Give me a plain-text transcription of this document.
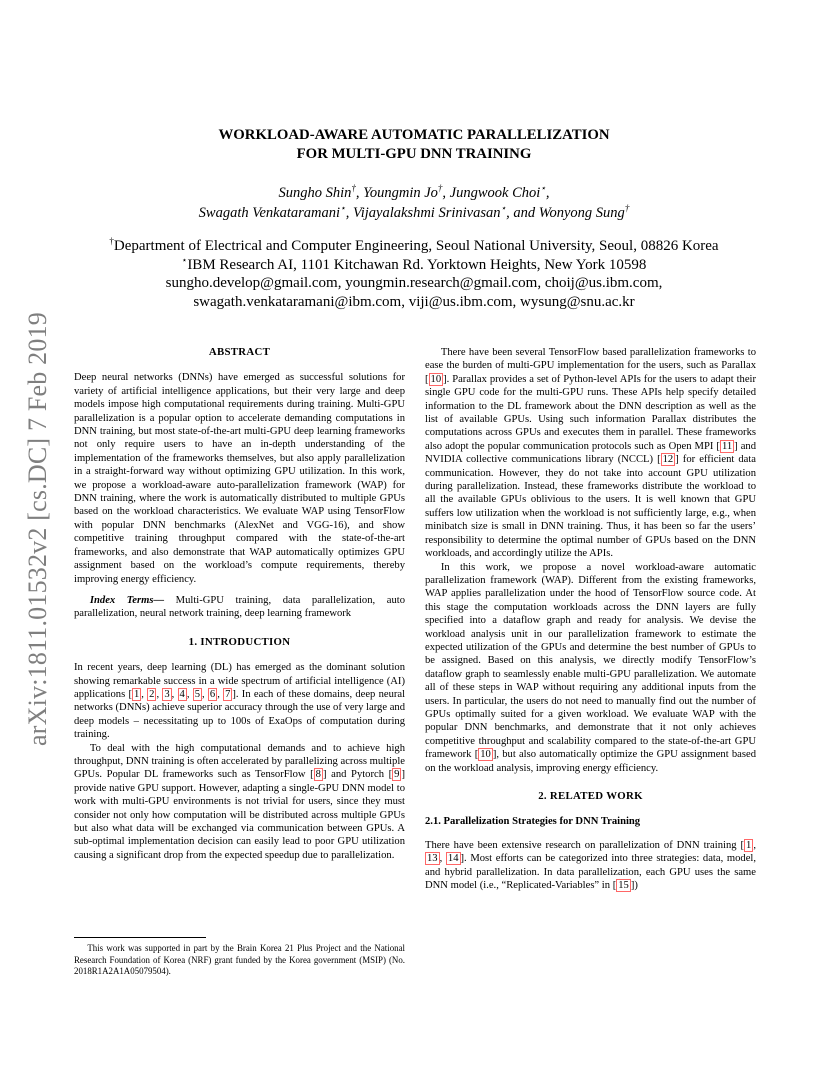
arXiv:1811.01532v2 [cs.DC] 7 Feb 2019
WORKLOAD-AWARE AUTOMATIC PARALLELIZATION
FOR MULTI-GPU DNN TRAINING
Sungho Shin†, Youngmin Jo†, Jungwook Choi⋆,
Swagath Venkataramani⋆, Vijayalakshmi Srinivasan⋆, and Wonyong Sung†
†Department of Electrical and Computer Engineering, Seoul National University, Seoul, 08826 Korea
⋆IBM Research AI, 1101 Kitchawan Rd. Yorktown Heights, New York 10598
sungho.develop@gmail.com, youngmin.research@gmail.com, choij@us.ibm.com,
swagath.venkataramani@ibm.com, viji@us.ibm.com, wysung@snu.ac.kr
ABSTRACT

Deep neural networks (DNNs) have emerged as successful solutions for variety of artificial intelligence applications, but their very large and deep models impose high computational requirements during training. Multi-GPU parallelization is a popular option to accelerate demanding computations in DNN training, but most state-of-the-art multi-GPU deep learning frameworks not only require users to have an in-depth understanding of the implementation of the frameworks themselves, but also apply parallelization in a straight-forward way without optimizing GPU utilization. In this work, we propose a workload-aware auto-parallelization framework (WAP) for DNN training, where the work is automatically distributed to multiple GPUs based on the workload characteristics. We evaluate WAP using TensorFlow with popular DNN benchmarks (AlexNet and VGG-16), and show competitive training throughput compared with the state-of-the-art frameworks, and also demonstrate that WAP automatically optimizes GPU assignment based on the workload’s compute requirements, thereby improving energy efficiency.

Index Terms— Multi-GPU training, data parallelization, auto parallelization, neural network training, deep learning framework

1. INTRODUCTION

In recent years, deep learning (DL) has emerged as the dominant solution showing remarkable success in a wide spectrum of artificial intelligence (AI) applications [ 1 , 2 , 3 , 4 , 5 , 6 , 7 ]. In each of these domains, deep neural networks (DNNs) achieve superior accuracy through the use of very large and deep models – necessitating up to 100s of ExaOps of computation during training.

To deal with the high computational demands and to achieve high throughput, DNN training is often accelerated by parallelizing across multiple GPUs. Popular DL frameworks such as TensorFlow [ 8 ] and Pytorch [ 9 ] provide native GPU support. However, adapting a single-GPU DNN model to work with multi-GPU environments is not trivial for users, since they must consider not only how computation will be distributed across multiple GPUs but also what data will be exchanged via communication between GPUs. A sub-optimal implementation decision can easily lead to poor GPU utilization causing a significant drop from the expected speedup due to parallelization.

This work was supported in part by the Brain Korea 21 Plus Project and the National Research Foundation of Korea (NRF) grant funded by the Korea government (MSIP) (No. 2018R1A2A1A05079504).

There have been several TensorFlow based parallelization frameworks to ease the burden of multi-GPU implementation for the users, such as Parallax [ 10 ]. Parallax provides a set of Python-level APIs for the users to adapt their single GPU code for the multi-GPU runs. These APIs help specify detailed information to the DL framework about the DNN description as well as the list of available GPUs. Using such information Parallax distributes the computations across GPUs and executes them in parallel. These frameworks also adopt the popular communication protocols such as Open MPI [ 11 ] and NVIDIA collective communications library (NCCL) [ 12 ] for efficient data communication. However, they do not take into account GPU utilization during parallelization. Instead, these frameworks distribute the workload to all the available GPUs oblivious to the users. It is well known that GPU suffers low utilization when the workload is not sufficiently large, e.g., when minibatch size is small in DNN training. Thus, it has been so far the users’ responsibility to determine the optimal number of GPUs based on the DNN workloads, and accordingly utilize the APIs.

In this work, we propose a novel workload-aware automatic parallelization framework (WAP). Different from the existing frameworks, WAP applies parallelization under the hood of TensorFlow source code. At this stage the computation workloads across the DNN layers are fully specified into a dataflow graph and ready for analysis. We devise the workload analysis unit in our parallelization framework to estimate the expected utilization of the GPUs and determine the best number of GPUs to be assigned. Based on this analysis, we directly modify TensorFlow’s dataflow graph to seamlessly enable multi-GPU parallelization. We automate all of these steps in WAP without requiring any additional inputs from the users. In particular, the users do not need to manually find out the number of GPUs optimally suited for a given workload. We evaluate WAP with the popular DNN benchmarks, and demonstrate that it not only achieves competitive throughput and scalability compared to the state-of-the-art GPU framework [ 10 ], but also automatically optimize the GPU assignment based on the workload analysis, improving energy efficiency.

2. RELATED WORK

2.1. Parallelization Strategies for DNN Training

There have been extensive research on parallelization of DNN training [ 1 , 13 , 14 ]. Most efforts can be categorized into three strategies: data, model, and hybrid parallelization. In data parallelization, each GPU uses the same DNN model (i.e., “Replicated-Variables” in [ 15 ])
